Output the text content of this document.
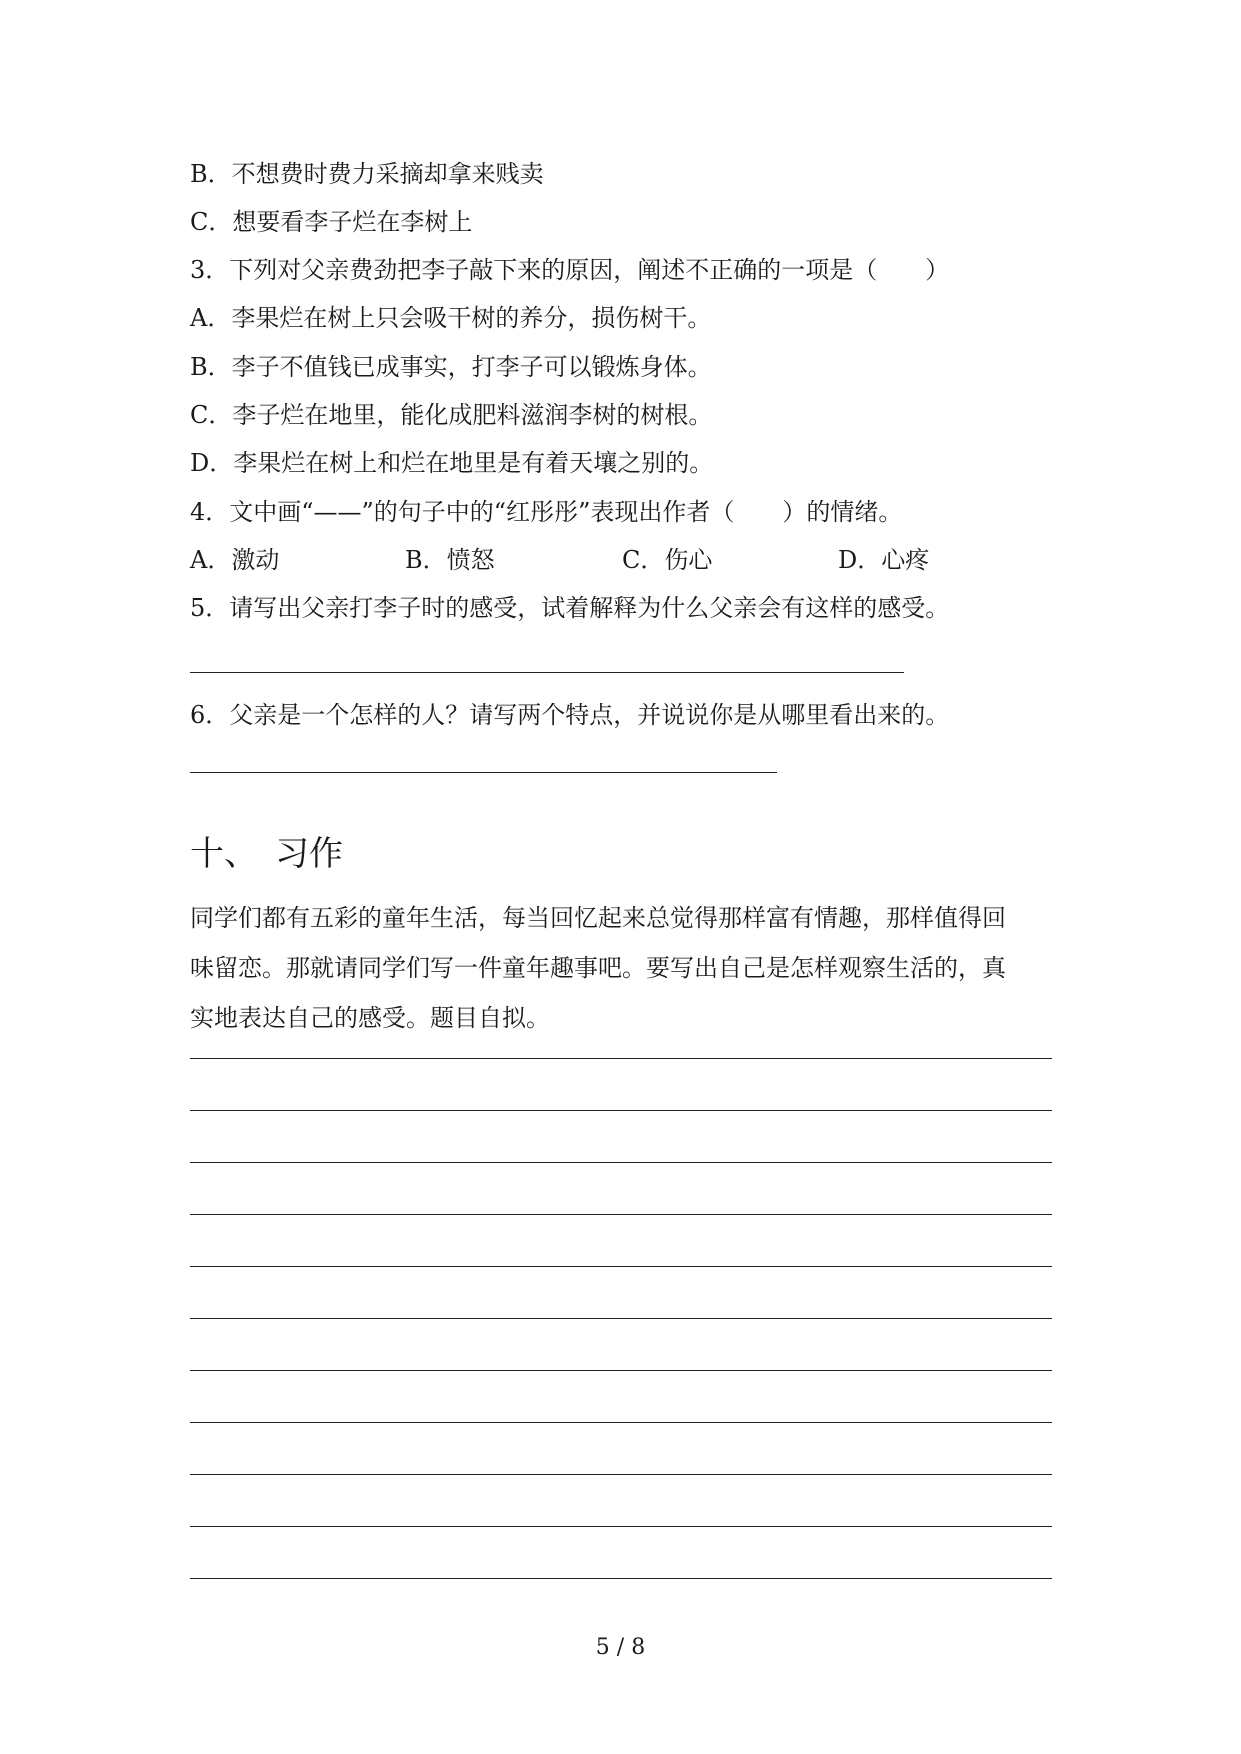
B．不想费时费力采摘却拿来贱卖
C．想要看李子烂在李树上
3．下列对父亲费劲把李子敲下来的原因，阐述不正确的一项是（　　）
A．李果烂在树上只会吸干树的养分，损伤树干。
B．李子不值钱已成事实，打李子可以锻炼身体。
C．李子烂在地里，能化成肥料滋润李树的树根。
D．李果烂在树上和烂在地里是有着天壤之别的。
4．文中画“——”的句子中的“红彤彤”表现出作者（　　）的情绪。
A．激动	B．愤怒	C．伤心	D．心疼
5．请写出父亲打李子时的感受，试着解释为什么父亲会有这样的感受。
6．父亲是一个怎样的人？请写两个特点，并说说你是从哪里看出来的。
十、　习作

同学们都有五彩的童年生活，每当回忆起来总觉得那样富有情趣，那样值得回

味留恋。那就请同学们写一件童年趣事吧。要写出自己是怎样观察生活的，真

实地表达自己的感受。题目自拟。

5 / 8
